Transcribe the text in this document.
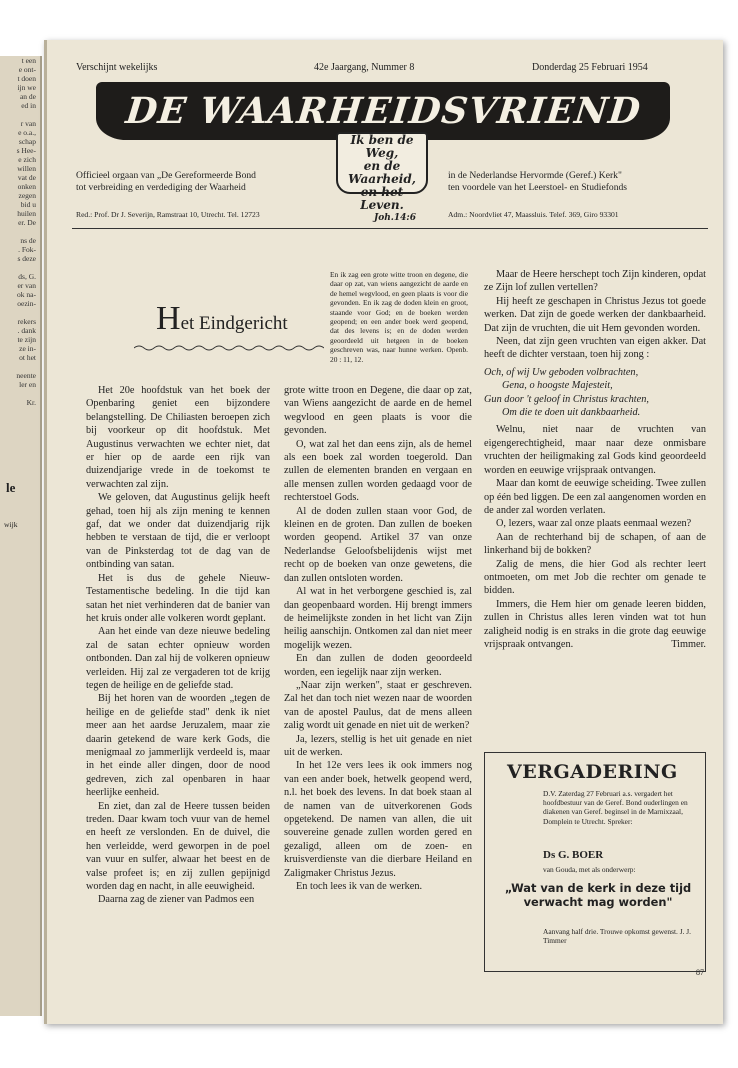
t een
e ont-
t doen
ijn we
an de
ed in

r van
e o.a.,
schap
s Hee-
e zich
willen
vat de
onken
zegen
bid u
huilen
er. De

ns de
. Fok-
s deze

ds, G.
er van
ok na-
oezin-

rekers
. dank
te zijn
ze in-
ot het

neente
ler en

Kr.
le
wijk
Verschijnt wekelijks	42e Jaargang, Nummer 8	Donderdag 25 Februari 1954
DE WAARHEIDSVRIEND
Ik ben de Weg,
en de Waarheid,
en het Leven.
Joh.14:6
Officieel orgaan van „De Gereformeerde Bond
tot verbreiding en verdediging der Waarheid
in de Nederlandse Hervormde (Geref.) Kerk"
ten voordele van het Leerstoel- en Studiefonds
Red.: Prof. Dr J. Severijn, Ramstraat 10, Utrecht. Tel. 12723	Adm.: Noordvliet 47, Maassluis. Telef. 369, Giro 93301
Het Eindgericht
En ik zag een grote witte troon en degene, die daar op zat, van wiens aangezicht de aarde en de hemel wegvlood, en geen plaats is voor die gevonden. En ik zag de doden klein en groot, staande voor God; en de boeken werden geopend; en een ander boek werd geopend, dat des levens is; en de doden werden geoordeeld uit hetgeen in de boeken geschreven was, naar hunne werken. Openb. 20 : 11, 12.

Het 20e hoofdstuk van het boek der Openbaring geniet een bijzondere belangstelling. De Chiliasten beroepen zich bij voorkeur op dit hoofdstuk. Met Augustinus verwachten we echter niet, dat er hier op de aarde een rijk van duizendjarige vrede in de toekomst te verwachten zal zijn.

We geloven, dat Augustinus gelijk heeft gehad, toen hij als zijn mening te kennen gaf, dat we onder dat duizendjarig rijk hebben te verstaan de tijd, die er verloopt van de Pinksterdag tot de dag van de ontbinding van satan.

Het is dus de gehele Nieuw-Testamentische bedeling. In die tijd kan satan het niet verhinderen dat de banier van het kruis onder alle volkeren wordt geplant.

Aan het einde van deze nieuwe bedeling zal de satan echter opnieuw worden ontbonden. Dan zal hij de volkeren opnieuw verleiden. Hij zal ze vergaderen tot de krijg tegen de heilige en de geliefde stad.

Bij het horen van de woorden „tegen de heilige en de geliefde stad" denk ik niet meer aan het aardse Jeruzalem, maar zie daarin getekend de ware kerk Gods, die menigmaal zo jammerlijk verdeeld is, maar in het einde aller dingen, door de nood gedreven, zich zal openbaren in haar heerlijke eenheid.

En ziet, dan zal de Heere tussen beiden treden. Daar kwam toch vuur van de hemel en heeft ze verslonden. En de duivel, die hen verleidde, werd geworpen in de poel van vuur en sulfer, alwaar het beest en de valse profeet is; en zij zullen gepijnigd worden dag en nacht, in alle eeuwigheid.

Daarna zag de ziener van Padmos een

grote witte troon en Degene, die daar op zat, van Wiens aangezicht de aarde en de hemel wegvlood en geen plaats is voor die gevonden.

O, wat zal het dan eens zijn, als de hemel als een boek zal worden toegerold. Dan zullen de elementen branden en vergaan en alle mensen zullen worden gedaagd voor de rechterstoel Gods.

Al de doden zullen staan voor God, de kleinen en de groten. Dan zullen de boeken worden geopend. Artikel 37 van onze Nederlandse Geloofsbelijdenis wijst met recht op de boeken van onze gewetens, die dan zullen ontsloten worden.

Al wat in het verborgene geschied is, zal dan geopenbaard worden. Hij brengt immers de heimelijkste zonden in het licht van Zijn heilig aanschijn. Ontkomen zal dan niet meer mogelijk wezen.

En dan zullen de doden geoordeeld worden, een iegelijk naar zijn werken.

„Naar zijn werken", staat er geschreven. Zal het dan toch niet wezen naar de woorden van de apostel Paulus, dat de mens alleen zalig wordt uit genade en niet uit de werken?

Ja, lezers, stellig is het uit genade en niet uit de werken.

In het 12e vers lees ik ook immers nog van een ander boek, hetwelk geopend werd, n.l. het boek des levens. In dat boek staan al de namen van de uitverkorenen Gods opgetekend. De namen van allen, die uit souvereine genade zullen worden gered en gezaligd, alleen om de zoen- en kruisverdienste van die dierbare Heiland en Zaligmaker Christus Jezus.

En toch lees ik van de werken.

Maar de Heere herschept toch Zijn kinderen, opdat ze Zijn lof zullen vertellen?

Hij heeft ze geschapen in Christus Jezus tot goede werken. Dat zijn de goede werken der dankbaarheid. Dat zijn de vruchten, die uit Hem gevonden worden.

Neen, dat zijn geen vruchten van eigen akker. Dat heeft de dichter verstaan, toen hij zong :

Och, of wij Uw geboden volbrachten,
Gena, o hoogste Majesteit,
Gun door 't geloof in Christus krachten,
Om die te doen uit dankbaarheid.

Welnu, niet naar de vruchten van eigengerechtigheid, maar naar deze onmisbare vruchten der heiligmaking zal Gods kind geoordeeld worden en eeuwige vrijspraak ontvangen.

Maar dan komt de eeuwige scheiding. Twee zullen op één bed liggen. De een zal aangenomen worden en de ander zal worden verlaten.

O, lezers, waar zal onze plaats eenmaal wezen?

Aan de rechterhand bij de schapen, of aan de linkerhand bij de bokken?

Zalig de mens, die hier God als rechter leert ontmoeten, om met Job die rechter om genade te bidden.

Immers, die Hem hier om genade leeren bidden, zullen in Christus alles leren vinden wat tot hun zaligheid nodig is en straks in die grote dag eeuwige vrijspraak ontvangen.	Timmer.
VERGADERING
D.V. Zaterdag 27 Februari a.s. vergadert het hoofdbestuur van de Geref. Bond ouderlingen en diakenen van Geref. beginsel in de Marnixzaal, Domplein te Utrecht. Spreker:
Ds G. BOER
van Gouda, met als onderwerp:
„Wat van de kerk in deze tijd verwacht mag worden"
Aanvang half drie. Trouwe opkomst gewenst. J. J. Timmer
87
